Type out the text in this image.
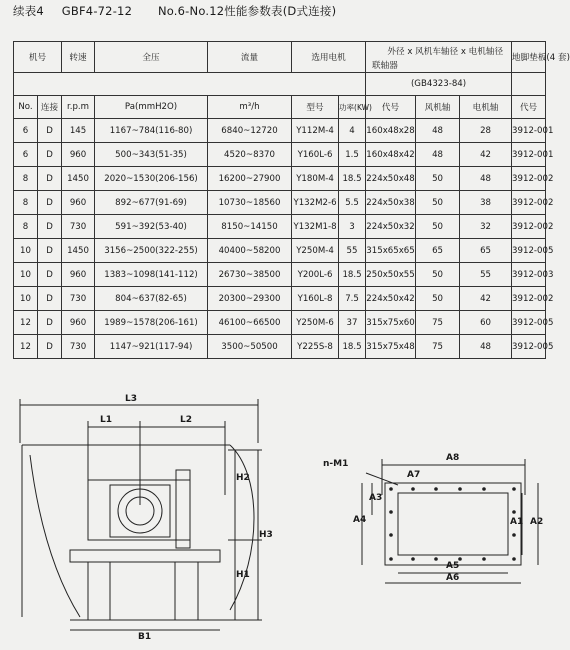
续表4 GBF4-72-12 No.6-No.12性能参数表(D式连接)
机号		转速	全压	流量	选用电机		外径 x 风机车轴径 x 电机轴径
联轴器			地脚垫板(4 套)
							(GB4323-84)			
No.	连接	r.p.m	Pa(mmH2O)	m³/h	型号	功率(KW)	代号	风机轴	电机轴	代号
6	D	145	1167~784(116-80)	6840~12720	Y112M-4	4	160x48x28	48	28	3912-001
6	D	960	500~343(51-35)	4520~8370	Y160L-6	1.5	160x48x42	48	42	3912-001
8	D	1450	2020~1530(206-156)	16200~27900	Y180M-4	18.5	224x50x48	50	48	3912-002
8	D	960	892~677(91-69)	10730~18560	Y132M2-6	5.5	224x50x38	50	38	3912-002
8	D	730	591~392(53-40)	8150~14150	Y132M1-8	3	224x50x32	50	32	3912-002
10	D	1450	3156~2500(322-255)	40400~58200	Y250M-4	55	315x65x65	65	65	3912-005
10	D	960	1383~1098(141-112)	26730~38500	Y200L-6	18.5	250x50x55	50	55	3912-003
10	D	730	804~637(82-65)	20300~29300	Y160L-8	7.5	224x50x42	50	42	3912-002
12	D	960	1989~1578(206-161)	46100~66500	Y250M-6	37	315x75x60	75	60	3912-005
12	D	730	1147~921(117-94)	3500~50500	Y225S-8	18.5	315x75x48	75	48	3912-005
L3
L1	L2
H2
H3
H1
B1
n-M1
A8
A7
A3
A4	A1 A2
A5
A6
